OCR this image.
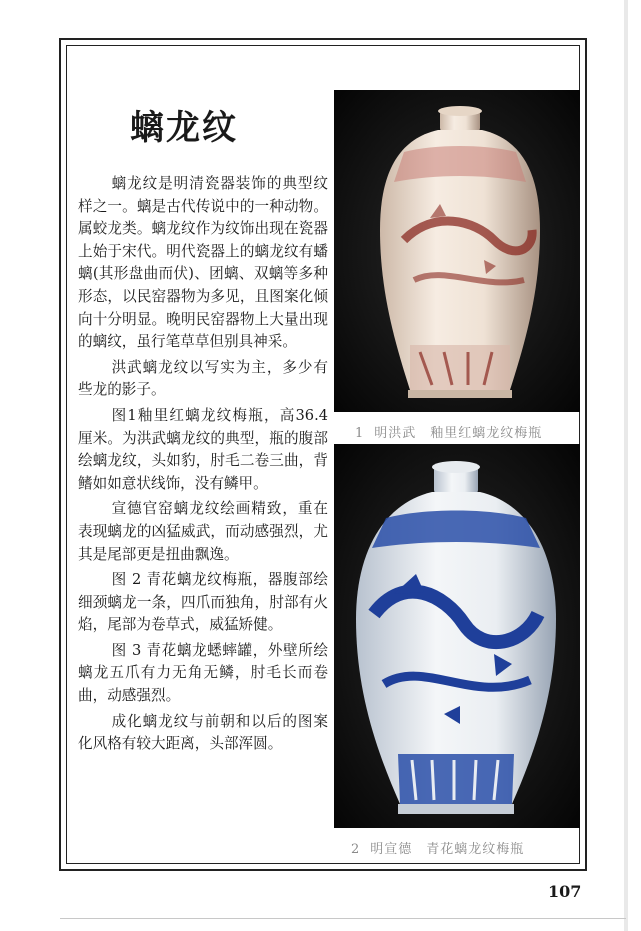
螭龙纹

螭龙纹是明清瓷器装饰的典型纹样之一。螭是古代传说中的一种动物。属蛟龙类。螭龙纹作为纹饰出现在瓷器上始于宋代。明代瓷器上的螭龙纹有蟠螭(其形盘曲而伏)、团螭、双螭等多种形态，以民窑器物为多见，且图案化倾向十分明显。晚明民窑器物上大量出现的螭纹，虽行笔草草但别具神采。

洪武螭龙纹以写实为主，多少有些龙的影子。

图1釉里红螭龙纹梅瓶，高36.4厘米。为洪武螭龙纹的典型，瓶的腹部绘螭龙纹，头如豹，肘毛二卷三曲，背鳍如如意状线饰，没有鳞甲。

宣德官窑螭龙纹绘画精致，重在表现螭龙的凶猛威武，而动感强烈，尤其是尾部更是扭曲飘逸。

图 2 青花螭龙纹梅瓶，器腹部绘细颈螭龙一条，四爪而独角，肘部有火焰，尾部为卷草式，威猛矫健。

图 3 青花螭龙蟋蟀罐，外壁所绘螭龙五爪有力无角无鳞，肘毛长而卷曲，动感强烈。

成化螭龙纹与前朝和以后的图案化风格有较大距离，头部浑圆。

1 明洪武 釉里红螭龙纹梅瓶
2 明宣德 青花螭龙纹梅瓶
107
